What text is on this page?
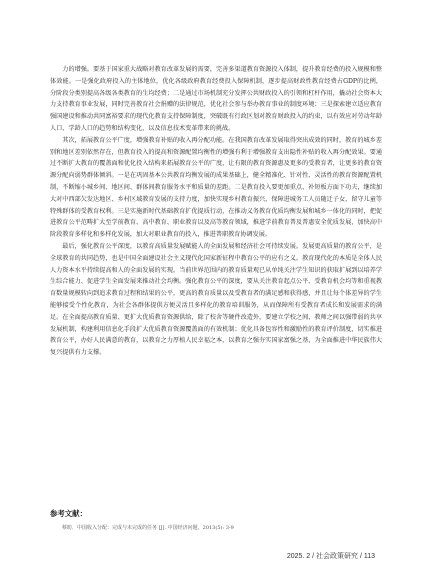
力的增强。要基于国家重大战略对教育改革发展的需要，完善多渠道教育资源投入体制，提升教育经费的投入规模和整体效能。一是强化政府投入的主体地位，优化各级政府教育经费投入保障机制，逐步提高财政性教育经费占GDP的比例，分阶段分类别提高各级各类教育的生均经费；二是通过市场机制充分发挥公共财政投入的引领和杠杆作用，撬动社会资本大力支持教育事业发展，同时完善教育社会捐赠的法律规范，优化社会参与举办教育事业的制度环境；三是探索建立适应教育强国建设和推动共同富裕要求的现代化教育支持保障制度，突破既有行政区划对教育财政投入的约束，以有效应对劳动年龄人口、学龄人口的趋势和结构变化，以及信息技术变革带来的挑战。

其次，拓展教育公平广度，增强教育补贴的收入再分配功能。在我国教育改革发展取得突出成效的同时，教育的城乡差别和地区差别依然存在，但教育投入的提高和资源配置均衡性的增强有利于增强教育支出隐性补贴的收入再分配效果。要通过不断扩大教育的覆盖面和优化投入结构来拓展教育公平的广度，让有限的教育资源惠及更多的受教育者，让更多的教育资源分配向弱势群体倾斜。一是在巩固基本公共教育均衡发展的成果基础上，健全精准化、针对性、灵活性的教育资源配置机制，不断缩小城乡间、地区间、群体间教育服务水平和质量的差距。二是教育投入要更加重点、补短板方面下功夫，继续加大对中西部欠发达地区、乡村区域教育发展的支持力度，加快实现乡村教育振兴，保障进城务工人员随迁子女、留守儿童等特殊群体的受教育权利。三是实施新时代基础教育扩优提质行动，在推动义务教育优质均衡发展和城乡一体化的同时，把促进教育公平范畴扩大至学前教育、高中教育、职业教育以及高等教育领域，推进学前教育普及普惠安全优质发展，加快高中阶段教育多样化和多样化发展，加大对职业教育的投入，推进普职教育协调发展。

最后，强化教育公平深度，以教育高质量发展赋能人的全面发展和经济社会可持续发展。发展更高质量的教育公平，是全球教育的共同趋势，也是中国全面建设社会主义现代化国家新征程中教育公平的应有之义。教育现代化的本质是全体人民人力资本水平持续提高和人的全面发展的实现。当前世界范围内的教育质量观已从单纯关注学生知识的获取扩展到以培养学生综合能力、促进学生全面发展来推动社会均衡。强化教育公平的深度，要从关注教育起点公平、受教育机会均等和重视教育数量规模转向到追求教育过程和结果的公平，更高的教育质量以及受教育者的满足感和获得感，并且让每个体差异的学生能够接受个性化教育，为社会各群体提供方便灵活且多样化的教育培训服务，从而保障所有受教育者成长和发展需求的满足。在全面提高教育质量、更扩大优质教育资源供给，除了校舍等硬件改造外，要建立学校之间、教师之间以强带弱的共享发展机制，构建利用信息化手段扩大优质教育资源覆盖面的有效机制；优化具备包容性和激励性的教育评价制度，切实推进教育公平，办好人民满意的教育，以教育之力厚植人民幸福之本，以教育之强夯实国家富强之基，为全面推进中华民族伟大复兴提供有力支撑。

参考文献：

蔡昉．中国收入分配：完成与未完成的任务 [J]. 中国经济问题，2013(5): 3-9

2025. 2 / 社会政策研究 / 113
